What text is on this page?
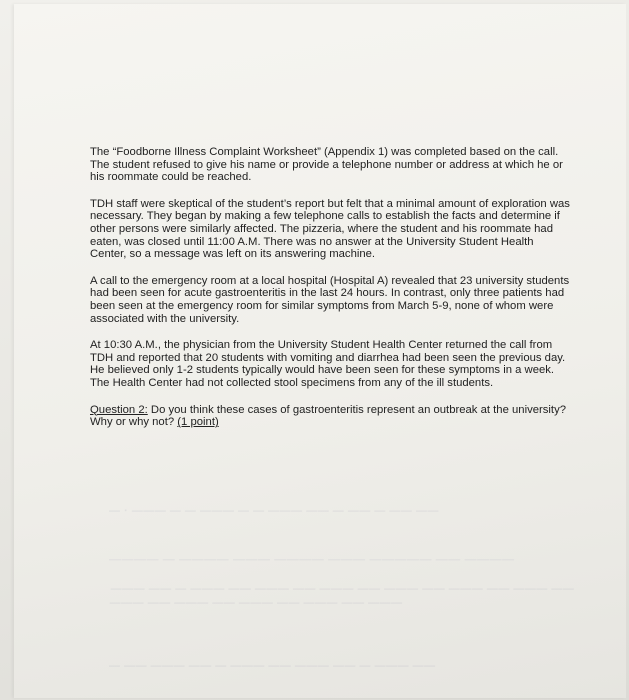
— · ——— — — ——— — — ——— —— — —— — —— ——
———— — ———— ——— ———— ——— ————— —— ————
——— —— — ——— —— ——— —— ——— —— ——— —— ——— —— ——— —— ——— —— ——— —— ——— —— ——— —— ———
— —— ——— —— — ——— —— ——— —— — ——— ——

The “Foodborne Illness Complaint Worksheet” (Appendix 1) was completed based on the call. The student refused to give his name or provide a telephone number or address at which he or his roommate could be reached.

TDH staff were skeptical of the student’s report but felt that a minimal amount of exploration was necessary. They began by making a few telephone calls to establish the facts and determine if other persons were similarly affected. The pizzeria, where the student and his roommate had eaten, was closed until 11:00 A.M. There was no answer at the University Student Health Center, so a message was left on its answering machine.

A call to the emergency room at a local hospital (Hospital A) revealed that 23 university students had been seen for acute gastroenteritis in the last 24 hours. In contrast, only three patients had been seen at the emergency room for similar symptoms from March 5-9, none of whom were associated with the university.

At 10:30 A.M., the physician from the University Student Health Center returned the call from TDH and reported that 20 students with vomiting and diarrhea had been seen the previous day. He believed only 1-2 students typically would have been seen for these symptoms in a week. The Health Center had not collected stool specimens from any of the ill students.

Question 2: Do you think these cases of gastroenteritis represent an outbreak at the university? Why or why not? (1 point)
